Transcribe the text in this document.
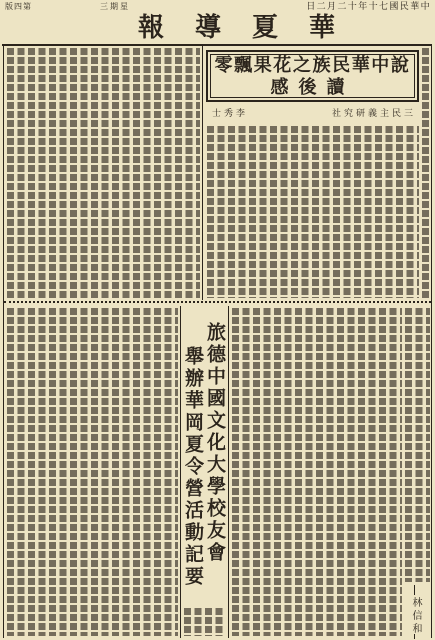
第四版	星期三	中華民國七十年十二月二日
華夏導報
說中華民族之花果飄零
讀後感
三民主義研究社
李秀士
旅德中國文化大學校友會
舉辦華岡夏令營活動記要
林信和
